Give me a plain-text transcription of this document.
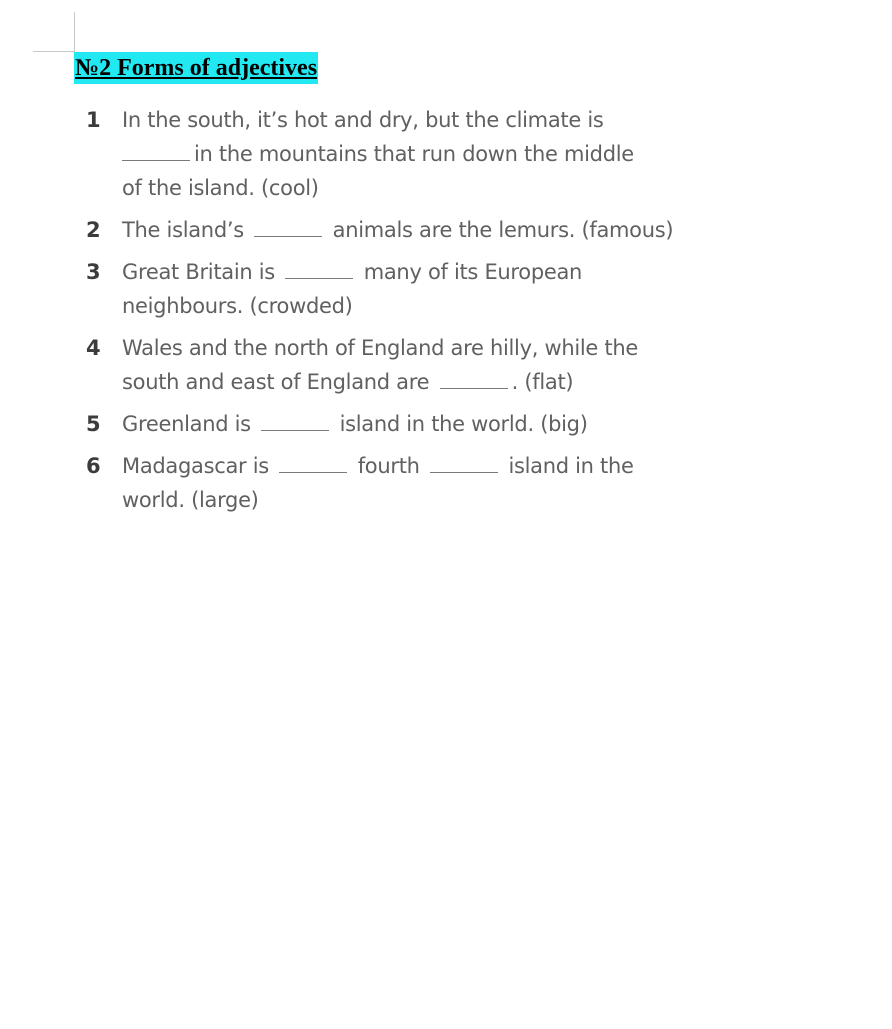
№2 Forms of adjectives
1	In the south, it’s hot and dry, but the climate is
in the mountains that run down the middle
of the island. (cool)
2	The island’s	animals are the lemurs. (famous)
3	Great Britain is	many of its European
neighbours. (crowded)
4	Wales and the north of England are hilly, while the
south and east of England are	. (flat)
5	Greenland is	island in the world. (big)
6	Madagascar is	fourth	island in the
world. (large)
